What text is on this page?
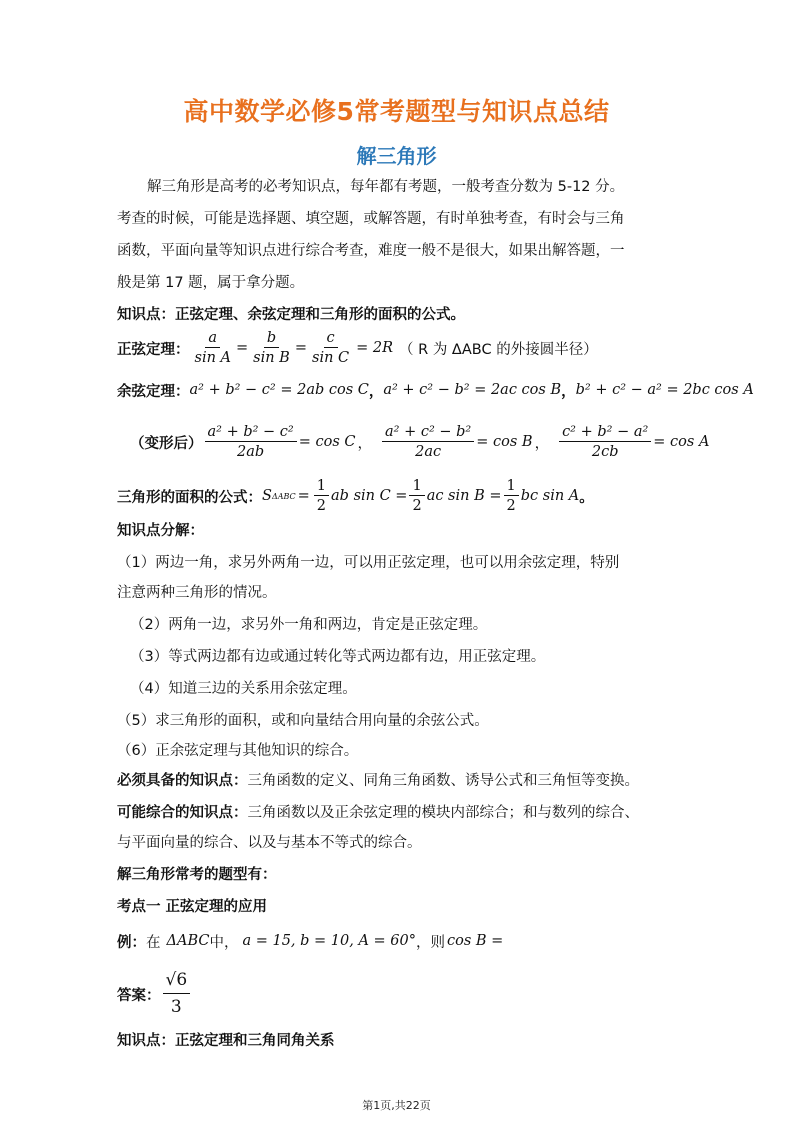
高中数学必修5常考题型与知识点总结
解三角形
解三角形是高考的必考知识点，每年都有考题，一般考查分数为 5-12 分。
考查的时候，可能是选择题、填空题，或解答题，有时单独考查，有时会与三角
函数，平面向量等知识点进行综合考查，难度一般不是很大，如果出解答题，一
般是第 17 题，属于拿分题。
知识点：正弦定理、余弦定理和三角形的面积的公式。
正弦定理： $\frac{a}{\text{sin A}} = \frac{b}{\text{sin B}} = \frac{c}{\text{sin C}} = 2R$ （ R 为 ΔABC 的外接圆半径）
余弦定理： a² + b² − c² = 2ab cos C ， a² + c² − b² = 2ac cos B ， b² + c² − a² = 2bc cos A
（变形后） $\frac{\text{a² + b² − c²}}{2ab} = \cos C$ ， $\frac{\text{a² + c² − b²}}{2ac} = \cos B$ ， $\frac{\text{c² + b² − a²}}{2cb} = \cos A$
三角形的面积的公式： S $\Delta ABC = \frac{1}{2}$ ab $\sin C = \frac{1}{2}$ ac $\sin B = \frac{1}{2}$ bc sin A 。
知识点分解：
（1）两边一角，求另外两角一边，可以用正弦定理，也可以用余弦定理，特别
注意两种三角形的情况。
（2）两角一边，求另外一角和两边，肯定是正弦定理。
（3）等式两边都有边或通过转化等式两边都有边，用正弦定理。
（4）知道三边的关系用余弦定理。
（5）求三角形的面积，或和向量结合用向量的余弦公式。
（6）正余弦定理与其他知识的综合。
必须具备的知识点：三角函数的定义、同角三角函数、诱导公式和三角恒等变换。
可能综合的知识点：三角函数以及正余弦定理的模块内部综合；和与数列的综合、
与平面向量的综合、以及与基本不等式的综合。
解三角形常考的题型有：
考点一 正弦定理的应用
例： 在 ΔABC 中， a = 15, b = 10, A = 60° ，则 cos B =
答案： $\frac{√6}{3}$
知识点：正弦定理和三角同角关系
第1页,共22页
